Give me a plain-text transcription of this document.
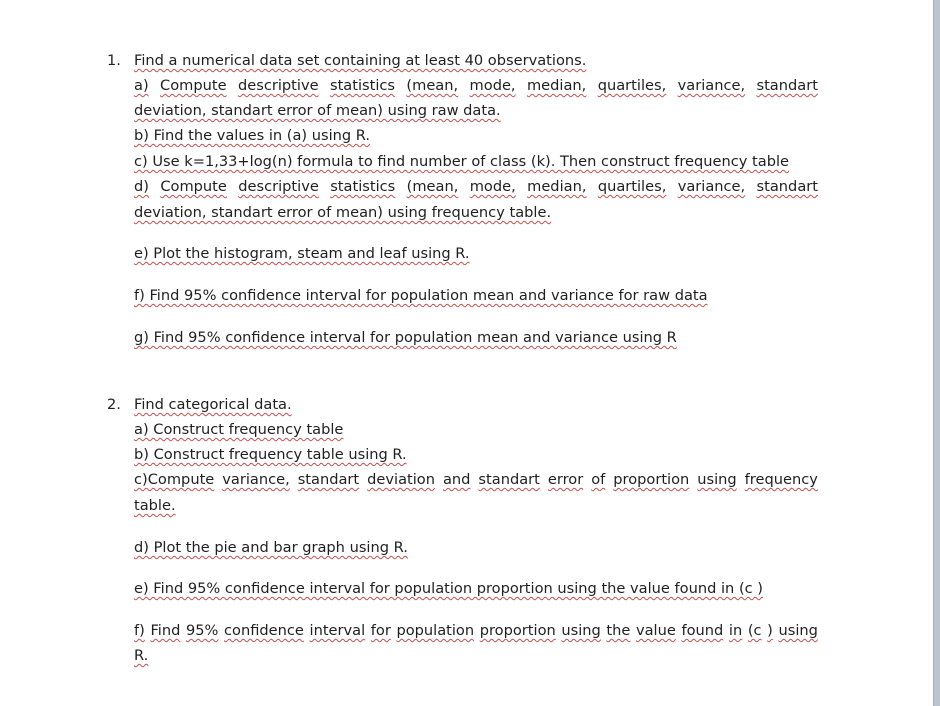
1. Find a numerical data set containing at least 40 observations.
a) Compute descriptive statistics (mean, mode, median, quartiles, variance, standart
deviation, standart error of mean) using raw data.
b) Find the values in (a) using R.
c) Use k=1,33+log(n) formula to find number of class (k). Then construct frequency table
d) Compute descriptive statistics (mean, mode, median, quartiles, variance, standart
deviation, standart error of mean) using frequency table.
e) Plot the histogram, steam and leaf using R.
f) Find 95% confidence interval for population mean and variance for raw data
g) Find 95% confidence interval for population mean and variance using R
2. Find categorical data.
a) Construct frequency table
b) Construct frequency table using R.
c)Compute variance, standart deviation and standart error of proportion using frequency
table.
d) Plot the pie and bar graph using R.
e) Find 95% confidence interval for population proportion using the value found in (c )
f) Find 95% confidence interval for population proportion using the value found in (c ) using
R.
